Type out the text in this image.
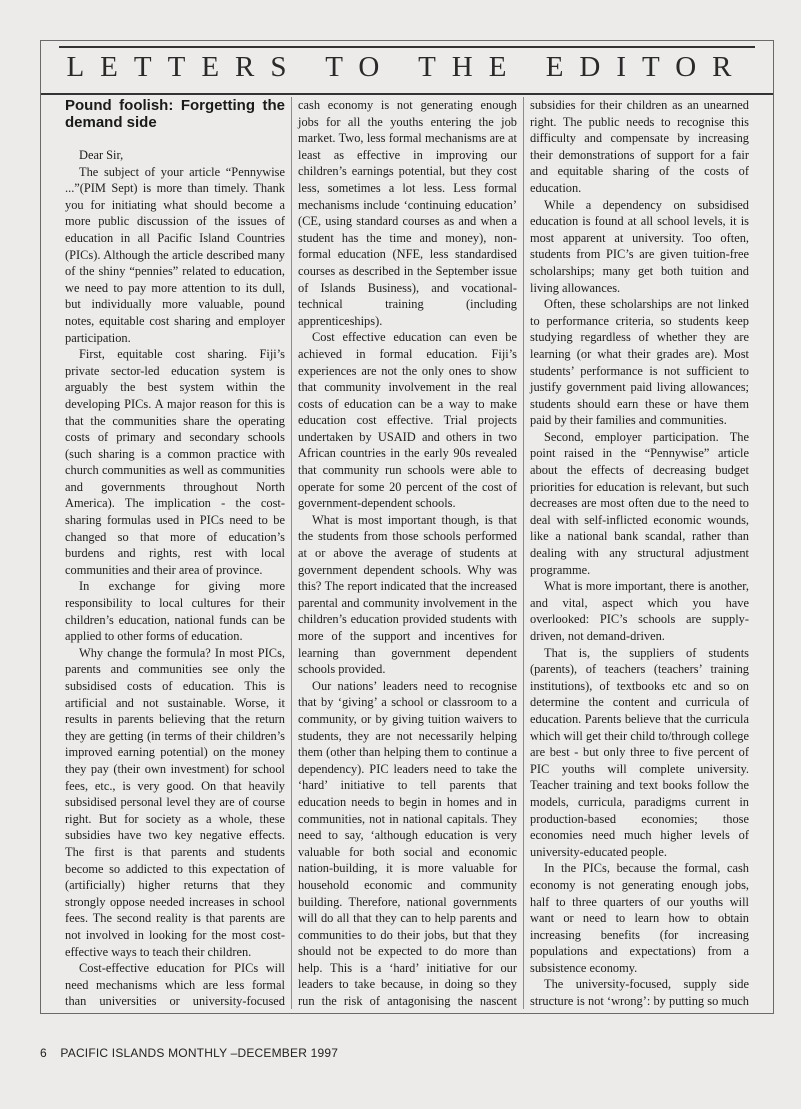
LETTERS TO THE EDITOR
Pound foolish: Forgetting the demand side

Dear Sir,

The subject of your article “Pennywise ...”(PIM Sept) is more than timely. Thank you for initiating what should become a more public discussion of the issues of education in all Pacific Island Countries (PICs). Although the article described many of the shiny “pennies” related to education, we need to pay more attention to its dull, but individually more valuable, pound notes, equitable cost sharing and employer participation.

First, equitable cost sharing. Fiji’s private sector-led education system is arguably the best system within the developing PICs. A major reason for this is that the communities share the operating costs of primary and secondary schools (such sharing is a common practice with church communities as well as communities and governments throughout North America). The implication - the cost-sharing formulas used in PICs need to be changed so that more of education’s burdens and rights, rest with local communities and their area of province.

In exchange for giving more responsibility to local cultures for their children’s education, national funds can be applied to other forms of education.

Why change the formula? In most PICs, parents and communities see only the subsidised costs of education. This is artificial and not sustainable. Worse, it results in parents believing that the return they are getting (in terms of their children’s improved earning potential) on the money they pay (their own investment) for school fees, etc., is very good. On that heavily subsidised personal level they are of course right. But for society as a whole, these subsidies have two key negative effects. The first is that parents and students become so addicted to this expectation of (artificially) higher returns that they strongly oppose needed increases in school fees. The second reality is that parents are not involved in looking for the most cost-effective ways to teach their children.

Cost-effective education for PICs will need mechanisms which are less formal than universities or university-focused

cash economy is not generating enough jobs for all the youths entering the job market. Two, less formal mechanisms are at least as effective in improving our children’s earnings potential, but they cost less, sometimes a lot less. Less formal mechanisms include ‘continuing education’ (CE, using standard courses as and when a student has the time and money), non-formal education (NFE, less standardised courses as described in the September issue of Islands Business), and vocational-technical training (including apprenticeships).

Cost effective education can even be achieved in formal education. Fiji’s experiences are not the only ones to show that community involvement in the real costs of education can be a way to make education cost effective. Trial projects undertaken by USAID and others in two African countries in the early 90s revealed that community run schools were able to operate for some 20 percent of the cost of government-dependent schools.

What is most important though, is that the students from those schools performed at or above the average of students at government dependent schools. Why was this? The report indicated that the increased parental and community involvement in the children’s education provided students with more of the support and incentives for learning than government dependent schools provided.

Our nations’ leaders need to recognise that by ‘giving’ a school or classroom to a community, or by giving tuition waivers to students, they are not necessarily helping them (other than helping them to continue a dependency). PIC leaders need to take the ‘hard’ initiative to tell parents that education needs to begin in homes and in communities, not in national capitals. They need to say, ‘although education is very valuable for both social and economic nation-building, it is more valuable for household economic and community building. Therefore, national governments will do all that they can to help parents and communities to do their jobs, but that they should not be expected to do more than help. This is a ‘hard’ initiative for our leaders to take because, in doing so they run the risk of antagonising the nascent

subsidies for their children as an unearned right. The public needs to recognise this difficulty and compensate by increasing their demonstrations of support for a fair and equitable sharing of the costs of education.

While a dependency on subsidised education is found at all school levels, it is most apparent at university. Too often, students from PIC’s are given tuition-free scholarships; many get both tuition and living allowances.

Often, these scholarships are not linked to performance criteria, so students keep studying regardless of whether they are learning (or what their grades are). Most students’ performance is not sufficient to justify government paid living allowances; students should earn these or have them paid by their families and communities.

Second, employer participation. The point raised in the “Pennywise” article about the effects of decreasing budget priorities for education is relevant, but such decreases are most often due to the need to deal with self-inflicted economic wounds, like a national bank scandal, rather than dealing with any structural adjustment programme.

What is more important, there is another, and vital, aspect which you have overlooked: PIC’s schools are supply-driven, not demand-driven.

That is, the suppliers of students (parents), of teachers (teachers’ training institutions), of textbooks etc and so on determine the content and curricula of education. Parents believe that the curricula which will get their child to/through college are best - but only three to five percent of PIC youths will complete university. Teacher training and text books follow the models, curricula, paradigms current in production-based economies; those economies need much higher levels of university-educated people.

In the PICs, because the formal, cash economy is not generating enough jobs, half to three quarters of our youths will want or need to learn how to obtain increasing benefits (for increasing populations and expectations) from a subsistence economy.

The university-focused, supply side structure is not ‘wrong’: by putting so much

6 PACIFIC ISLANDS MONTHLY –DECEMBER 1997
